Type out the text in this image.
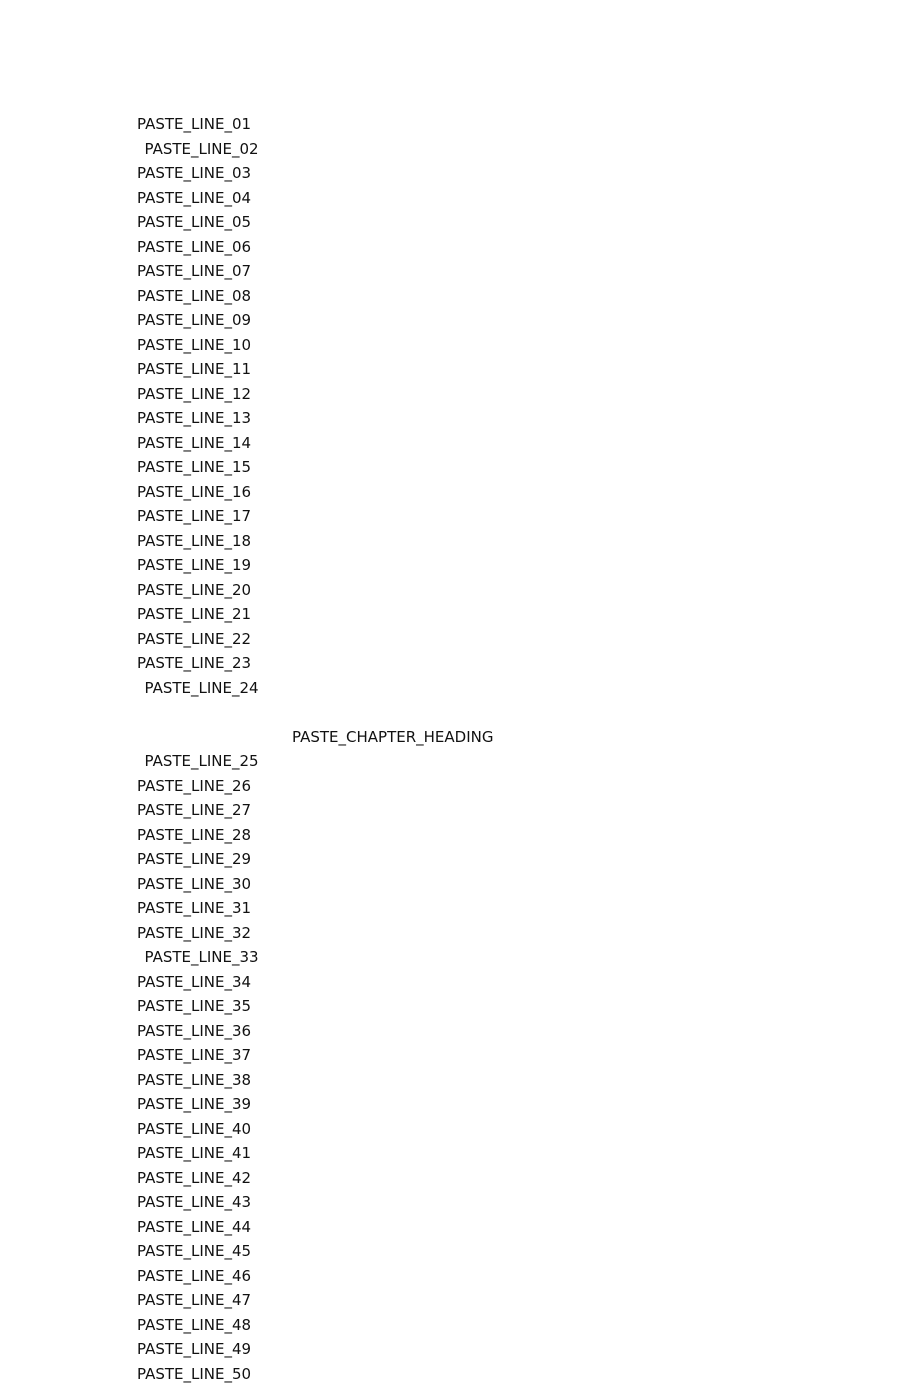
PASTE_LINE_01
PASTE_LINE_02
PASTE_LINE_03
PASTE_LINE_04
PASTE_LINE_05
PASTE_LINE_06
PASTE_LINE_07
PASTE_LINE_08
PASTE_LINE_09
PASTE_LINE_10
PASTE_LINE_11
PASTE_LINE_12
PASTE_LINE_13
PASTE_LINE_14
PASTE_LINE_15
PASTE_LINE_16
PASTE_LINE_17
PASTE_LINE_18
PASTE_LINE_19
PASTE_LINE_20
PASTE_LINE_21
PASTE_LINE_22
PASTE_LINE_23
PASTE_LINE_24
PASTE_CHAPTER_HEADING
PASTE_LINE_25
PASTE_LINE_26
PASTE_LINE_27
PASTE_LINE_28
PASTE_LINE_29
PASTE_LINE_30
PASTE_LINE_31
PASTE_LINE_32
PASTE_LINE_33
PASTE_LINE_34
PASTE_LINE_35
PASTE_LINE_36
PASTE_LINE_37
PASTE_LINE_38
PASTE_LINE_39
PASTE_LINE_40
PASTE_LINE_41
PASTE_LINE_42
PASTE_LINE_43
PASTE_LINE_44
PASTE_LINE_45
PASTE_LINE_46
PASTE_LINE_47
PASTE_LINE_48
PASTE_LINE_49
PASTE_LINE_50
